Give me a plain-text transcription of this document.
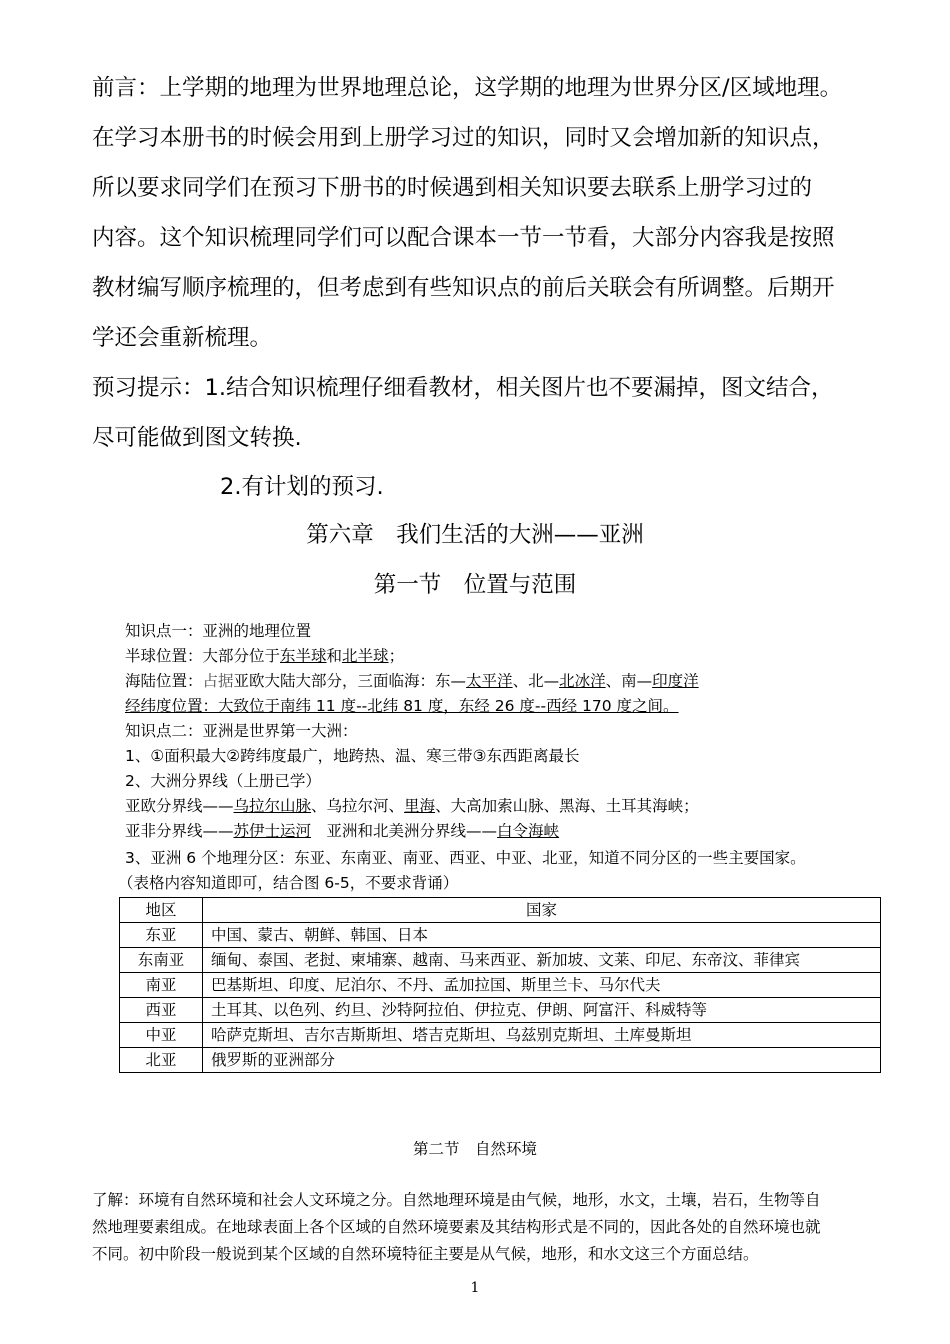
前言：上学期的地理为世界地理总论，这学期的地理为世界分区/区域地理。
在学习本册书的时候会用到上册学习过的知识，同时又会增加新的知识点，
所以要求同学们在预习下册书的时候遇到相关知识要去联系上册学习过的
内容。这个知识梳理同学们可以配合课本一节一节看，大部分内容我是按照
教材编写顺序梳理的，但考虑到有些知识点的前后关联会有所调整。后期开
学还会重新梳理。
预习提示：1.结合知识梳理仔细看教材，相关图片也不要漏掉，图文结合，
尽可能做到图文转换.
2.有计划的预习.
第六章　我们生活的大洲——亚洲
第一节　位置与范围
知识点一：亚洲的地理位置
半球位置：大部分位于东半球和北半球；
海陆位置：占据亚欧大陆大部分，三面临海：东—太平洋、北—北冰洋、南—印度洋
经纬度位置：大致位于南纬 11 度--北纬 81 度，东经 26 度--西经 170 度之间。
知识点二：亚洲是世界第一大洲：
1、①面积最大②跨纬度最广，地跨热、温、寒三带③东西距离最长
2、大洲分界线（上册已学）
亚欧分界线——乌拉尔山脉、乌拉尔河、里海、大高加索山脉、黑海、土耳其海峡；
亚非分界线——苏伊士运河　亚洲和北美洲分界线——白令海峡
3、亚洲 6 个地理分区：东亚、东南亚、南亚、西亚、中亚、北亚，知道不同分区的一些主要国家。
（表格内容知道即可，结合图 6-5，不要求背诵）
地区	国家
东亚	中国、蒙古、朝鲜、韩国、日本
东南亚	缅甸、泰国、老挝、柬埔寨、越南、马来西亚、新加坡、文莱、印尼、东帝汶、菲律宾
南亚	巴基斯坦、印度、尼泊尔、不丹、孟加拉国、斯里兰卡、马尔代夫
西亚	土耳其、以色列、约旦、沙特阿拉伯、伊拉克、伊朗、阿富汗、科威特等
中亚	哈萨克斯坦、吉尔吉斯斯坦、塔吉克斯坦、乌兹别克斯坦、土库曼斯坦
北亚	俄罗斯的亚洲部分
第二节　自然环境
了解：环境有自然环境和社会人文环境之分。自然地理环境是由气候，地形，水文，土壤，岩石，生物等自
然地理要素组成。在地球表面上各个区域的自然环境要素及其结构形式是不同的，因此各处的自然环境也就
不同。初中阶段一般说到某个区域的自然环境特征主要是从气候，地形，和水文这三个方面总结。
1
